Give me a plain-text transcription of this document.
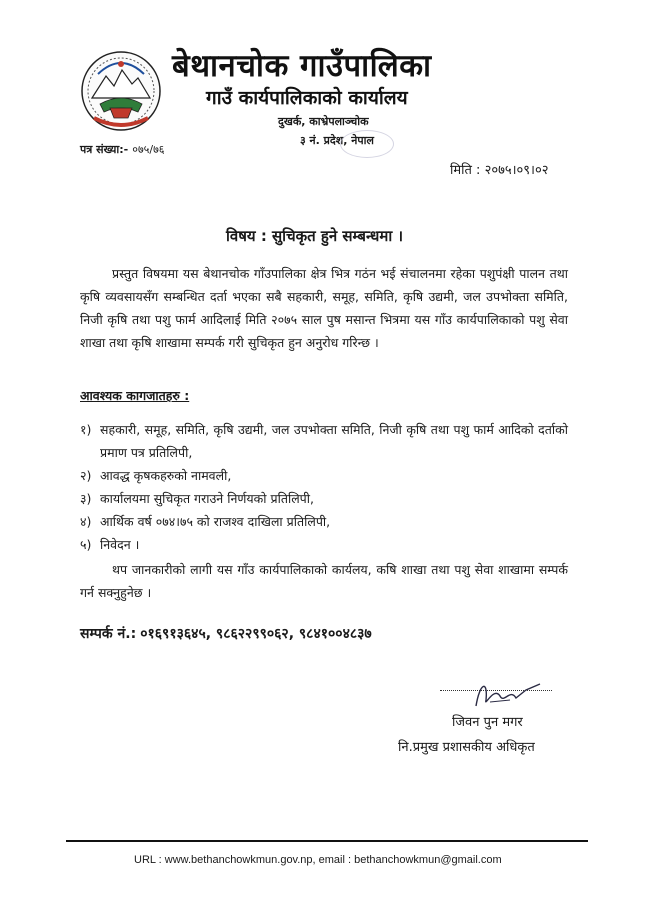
बेथानचोक गाउँपालिका
गाउँ कार्यपालिकाको कार्यालय
दुखर्क, काभ्रेपलाञ्चोक
३ नं. प्रदेश, नेपाल
पत्र संख्या:- ०७५/७६
मिति : २०७५।०९।०२
विषय : सुचिकृत हुने सम्बन्धमा ।

प्रस्तुत विषयमा यस बेथानचोक गाँउपालिका क्षेत्र भित्र गठंन भई संचालनमा रहेका पशुपंक्षी पालन तथा कृषि व्यवसायसँग सम्बन्धित दर्ता भएका सबै सहकारी, समूह, समिति, कृषि उद्यमी, जल उपभोक्ता समिति, निजी कृषि तथा पशु फार्म आदिलाई मिति २०७५ साल पुष मसान्त भित्रमा यस गाँउ कार्यपालिकाको पशु सेवा शाखा तथा कृषि शाखामा सम्पर्क गरी सुचिकृत हुन अनुरोध गरिन्छ ।

आवश्यक कागजातहरु :
१) सहकारी, समूह, समिति, कृषि उद्यमी, जल उपभोक्ता समिति, निजी कृषि तथा पशु फार्म आदिको दर्ताको प्रमाण पत्र प्रतिलिपी,
२) आवद्ध कृषकहरुको नामवली,
३) कार्यालयमा सुचिकृत गराउने निर्णयको प्रतिलिपी,
४) आर्थिक वर्ष ०७४।७५ को राजश्व दाखिला प्रतिलिपी,
५) निवेदन ।

थप जानकारीको लागी यस गाँउ कार्यपालिकाको कार्यलय, कषि शाखा तथा पशु सेवा शाखामा सम्पर्क गर्न सक्नुहुनेछ ।

सम्पर्क नं.: ०१६९१३६४५, ९८६२२९९०६२, ९८४१००४८३७
जिवन पुन मगर
नि.प्रमुख प्रशासकीय अधिकृत
URL : www.bethanchowkmun.gov.np, email : bethanchowkmun@gmail.com
